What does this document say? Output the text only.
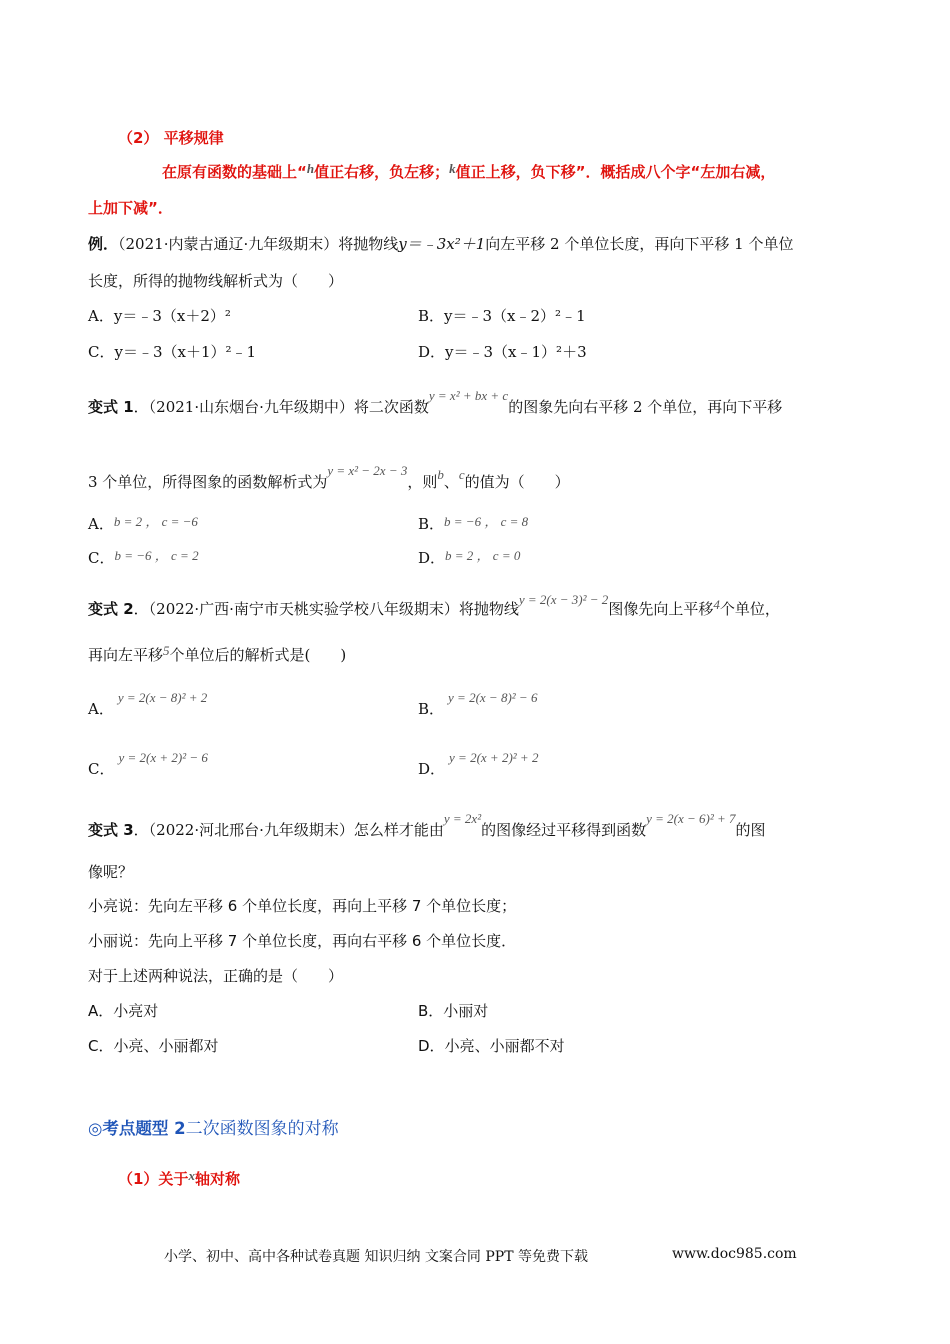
（2） 平移规律
在原有函数的基础上“h值正右移，负左移；k值正上移，负下移”．概括成八个字“左加右减，
上加下减”．
例．（2021·内蒙古通辽·九年级期末）将抛物线y＝﹣3x²＋1向左平移 2 个单位长度，再向下平移 1 个单位
长度，所得的抛物线解析式为（　　）
A．y＝﹣3（x＋2）²	B．y＝﹣3（x﹣2）²﹣1
C．y＝﹣3（x＋1）²﹣1	D．y＝﹣3（x﹣1）²＋3
变式 1．（2021·山东烟台·九年级期中）将二次函数y = x² + bx + c的图象先向右平移 2 个单位，再向下平移
3 个单位，所得图象的函数解析式为y = x² − 2x − 3，则b、c的值为（　　）
A．b = 2 ， c = −6	B．b = −6 ， c = 8
C．b = −6 ， c = 2	D．b = 2 ， c = 0
变式 2．（2022·广西·南宁市天桃实验学校八年级期末）将抛物线y = 2(x − 3)² − 2图像先向上平移4个单位，
再向左平移5个单位后的解析式是(　　)
A．y = 2(x − 8)² + 2
B．y = 2(x − 8)² − 6
C．y = 2(x + 2)² − 6
D．y = 2(x + 2)² + 2
变式 3．（2022·河北邢台·九年级期末）怎么样才能由y = 2x²的图像经过平移得到函数y = 2(x − 6)² + 7的图
像呢？
小亮说：先向左平移 6 个单位长度，再向上平移 7 个单位长度；
小丽说：先向上平移 7 个单位长度，再向右平移 6 个单位长度．
对于上述两种说法，正确的是（　　）
A．小亮对	B．小丽对
C．小亮、小丽都对	D．小亮、小丽都不对
◎考点题型 2二次函数图象的对称
（1）关于x轴对称
小学、初中、高中各种试卷真题 知识归纳 文案合同 PPT 等免费下载	www.doc985.com
